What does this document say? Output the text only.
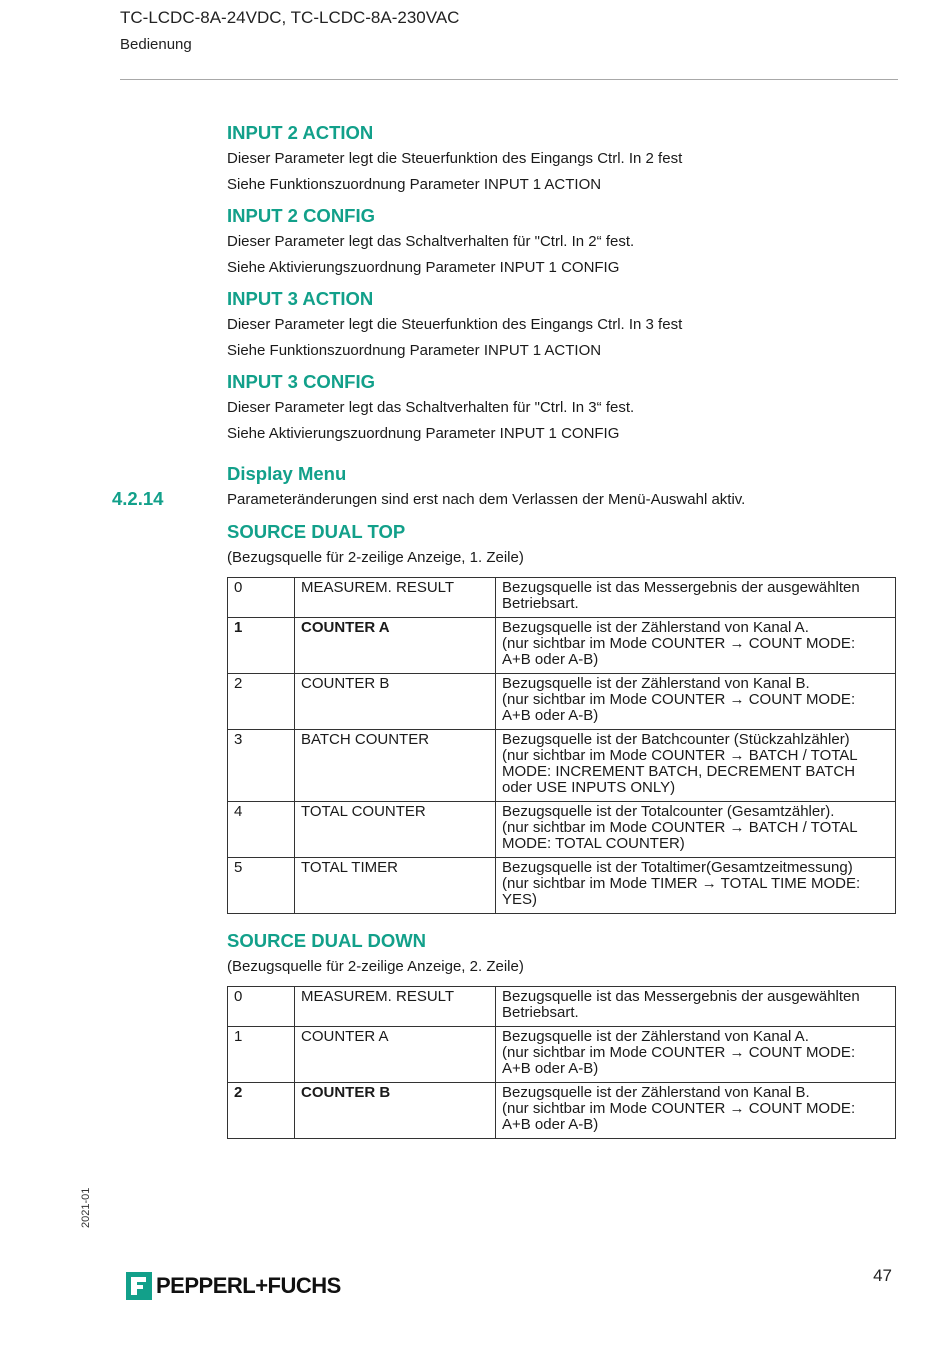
TC-LCDC-8A-24VDC, TC-LCDC-8A-230VAC
Bedienung
4.2.14
INPUT 2 ACTION

Dieser Parameter legt die Steuerfunktion des Eingangs Ctrl. In 2 fest

Siehe Funktionszuordnung Parameter INPUT 1 ACTION

INPUT 2 CONFIG

Dieser Parameter legt das Schaltverhalten für "Ctrl. In 2“ fest.

Siehe Aktivierungszuordnung Parameter INPUT 1 CONFIG

INPUT 3 ACTION

Dieser Parameter legt die Steuerfunktion des Eingangs Ctrl. In 3 fest

Siehe Funktionszuordnung Parameter INPUT 1 ACTION

INPUT 3 CONFIG

Dieser Parameter legt das Schaltverhalten für "Ctrl. In 3“ fest.

Siehe Aktivierungszuordnung Parameter INPUT 1 CONFIG

Display Menu

Parameteränderungen sind erst nach dem Verlassen der Menü-Auswahl aktiv.

SOURCE DUAL TOP

(Bezugsquelle für 2-zeilige Anzeige, 1. Zeile)

0	MEASUREM. RESULT	Bezugsquelle ist das Messergebnis der ausgewählten
Betriebsart.

1	COUNTER A	Bezugsquelle ist der Zählerstand von Kanal A.
(nur sichtbar im Mode COUNTER → COUNT MODE:
A+B oder A-B)

2	COUNTER B	Bezugsquelle ist der Zählerstand von Kanal B.
(nur sichtbar im Mode COUNTER → COUNT MODE:
A+B oder A-B)

3	BATCH COUNTER	Bezugsquelle ist der Batchcounter (Stückzahlzähler)
(nur sichtbar im Mode COUNTER → BATCH / TOTAL
MODE: INCREMENT BATCH, DECREMENT BATCH
oder USE INPUTS ONLY)

4	TOTAL COUNTER	Bezugsquelle ist der Totalcounter (Gesamtzähler).
(nur sichtbar im Mode COUNTER → BATCH / TOTAL
MODE: TOTAL COUNTER)

5	TOTAL TIMER	Bezugsquelle ist der Totaltimer(Gesamtzeitmessung)
(nur sichtbar im Mode TIMER → TOTAL TIME MODE:
YES)
SOURCE DUAL DOWN

(Bezugsquelle für 2-zeilige Anzeige, 2. Zeile)

0	MEASUREM. RESULT	Bezugsquelle ist das Messergebnis der ausgewählten
Betriebsart.

1	COUNTER A	Bezugsquelle ist der Zählerstand von Kanal A.
(nur sichtbar im Mode COUNTER → COUNT MODE:
A+B oder A-B)

2	COUNTER B	Bezugsquelle ist der Zählerstand von Kanal B.
(nur sichtbar im Mode COUNTER → COUNT MODE:
A+B oder A-B)
2021-01
47
PEPPERL+FUCHS
